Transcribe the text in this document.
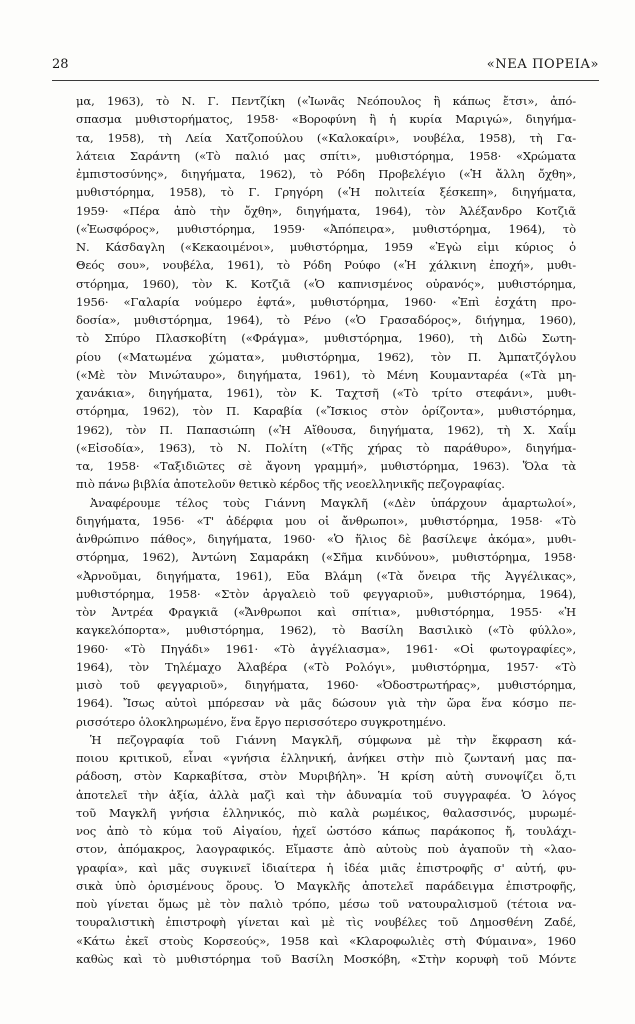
28	«ΝΕΑ ΠΟΡΕΙΑ»
μα, 1963), τὸ Ν. Γ. Πεντζίκη («Ἰωνᾶς Νεόπουλος ἢ κάπως ἔτσι», ἀπό-
σπασμα μυθιστορήματος, 1958· «Βοροφύνη ἢ ἡ κυρία Μαριγώ», διηγήμα-
τα, 1958), τὴ Λεία Χατζοπούλου («Καλοκαίρι», νουβέλα, 1958), τὴ Γα-
λάτεια Σαράντη («Τὸ παλιό μας σπίτι», μυθιστόρημα, 1958· «Χρώματα
ἐμπιστοσύνης», διηγήματα, 1962), τὸ Ρόδη Προβελέγιο («Ἡ ἄλλη ὄχθη»,
μυθιστόρημα, 1958), τὸ Γ. Γρηγόρη («Ἡ πολιτεία ξέσκεπη», διηγήματα,
1959· «Πέρα ἀπὸ τὴν ὄχθη», διηγήματα, 1964), τὸν Ἀλέξανδρο Κοτζιᾶ
(«Ἑωσφόρος», μυθιστόρημα, 1959· «Ἀπόπειρα», μυθιστόρημα, 1964), τὸ
Ν. Κάσδαγλη («Κεκαοιμένοι», μυθιστόρημα, 1959 «Ἐγὼ εἰμι κύριος ὁ
Θεός σου», νουβέλα, 1961), τὸ Ρόδη Ρούφο («Ἡ χάλκινη ἐποχή», μυθι-
στόρημα, 1960), τὸν Κ. Κοτζιᾶ («Ὁ καπνισμένος οὐρανός», μυθιστόρημα,
1956· «Γαλαρία νούμερο ἑφτά», μυθιστόρημα, 1960· «Ἐπὶ ἐσχάτη προ-
δοσία», μυθιστόρημα, 1964), τὸ Ρένο («Ὁ Γρασαδόρος», διήγημα, 1960),
τὸ Σπύρο Πλασκοβίτη («Φράγμα», μυθιστόρημα, 1960), τὴ Διδὼ Σωτη-
ρίου («Ματωμένα χώματα», μυθιστόρημα, 1962), τὸν Π. Ἀμπατζόγλου
(«Μὲ τὸν Μινώταυρο», διηγήματα, 1961), τὸ Μένη Κουμανταρέα («Τὰ μη-
χανάκια», διηγήματα, 1961), τὸν Κ. Ταχτσῆ («Τὸ τρίτο στεφάνι», μυθι-
στόρημα, 1962), τὸν Π. Καραβία («Ἴσκιος στὸν ὁρίζοντα», μυθιστόρημα,
1962), τὸν Π. Παπασιώπη («Ἡ Αἴθουσα, διηγήματα, 1962), τὴ Χ. Χαΐμ
(«Εἰσοδία», 1963), τὸ Ν. Πολίτη («Τῆς χήρας τὸ παράθυρο», διηγήμα-
τα, 1958· «Ταξιδιῶτες σὲ ἄγονη γραμμή», μυθιστόρημα, 1963). Ὅλα τὰ
πιὸ πάνω βιβλία ἀποτελοῦν θετικὸ κέρδος τῆς νεοελληνικῆς πεζογραφίας.
Ἀναφέρουμε τέλος τοὺς Γιάννη Μαγκλῆ («Δὲν ὑπάρχουν ἁμαρτωλοί»,
διηγήματα, 1956· «Τ' ἀδέρφια μου οἱ ἄνθρωποι», μυθιστόρημα, 1958· «Τὸ
ἀνθρώπινο πάθος», διηγήματα, 1960· «Ὁ ἥλιος δὲ βασίλεψε ἀκόμα», μυθι-
στόρημα, 1962), Ἀντώνη Σαμαράκη («Σῆμα κινδύνου», μυθιστόρημα, 1958·
«Ἀρνοῦμαι, διηγήματα, 1961), Εὔα Βλάμη («Τὰ ὄνειρα τῆς Ἀγγέλικας»,
μυθιστόρημα, 1958· «Στὸν ἀργαλειὸ τοῦ φεγγαριοῦ», μυθιστόρημα, 1964),
τὸν Ἀντρέα Φραγκιᾶ («Ἄνθρωποι καὶ σπίτια», μυθιστόρημα, 1955· «Ἡ
καγκελόπορτα», μυθιστόρημα, 1962), τὸ Βασίλη Βασιλικὸ («Τὸ φύλλο»,
1960· «Τὸ Πηγάδι» 1961· «Τὸ ἀγγέλιασμα», 1961· «Οἱ φωτογραφίες»,
1964), τὸν Τηλέμαχο Ἀλαβέρα («Τὸ Ρολόγι», μυθιστόρημα, 1957· «Τὸ
μισὸ τοῦ φεγγαριοῦ», διηγήματα, 1960· «Ὀδοστρωτήρας», μυθιστόρημα,
1964). Ἴσως αὐτοὶ μπόρεσαν νὰ μᾶς δώσουν γιὰ τὴν ὥρα ἕνα κόσμο πε-
ρισσότερο ὁλοκληρωμένο, ἕνα ἔργο περισσότερο συγκροτημένο.
Ἡ πεζογραφία τοῦ Γιάννη Μαγκλῆ, σύμφωνα μὲ τὴν ἔκφραση κά-
ποιου κριτικοῦ, εἶναι «γνήσια ἑλληνική, ἀνήκει στὴν πιὸ ζωντανή μας πα-
ράδοση, στὸν Καρκαβίτσα, στὸν Μυριβήλη». Ἡ κρίση αὐτὴ συνοψίζει ὅ,τι
ἀποτελεῖ τὴν ἀξία, ἀλλὰ μαζὶ καὶ τὴν ἀδυναμία τοῦ συγγραφέα. Ὁ λόγος
τοῦ Μαγκλῆ γνήσια ἑλληνικός, πιὸ καλὰ ρωμέικος, θαλασσινός, μυρωμέ-
νος ἀπὸ τὸ κύμα τοῦ Αἰγαίου, ἠχεῖ ὡστόσο κάπως παράκοπος ἤ, τουλάχι-
στον, ἀπόμακρος, λαογραφικός. Εἴμαστε ἀπὸ αὐτοὺς ποὺ ἀγαποῦν τὴ «λαο-
γραφία», καὶ μᾶς συγκινεῖ ἰδιαίτερα ἡ ἰδέα μιᾶς ἐπιστροφῆς σ' αὐτή, φυ-
σικὰ ὑπὸ ὁρισμένους ὅρους. Ὁ Μαγκλῆς ἀποτελεῖ παράδειγμα ἐπιστροφῆς,
ποὺ γίνεται ὅμως μὲ τὸν παλιὸ τρόπο, μέσω τοῦ νατουραλισμοῦ (τέτοια να-
τουραλιστικὴ ἐπιστροφὴ γίνεται καὶ μὲ τὶς νουβέλες τοῦ Δημοσθένη Ζαδέ,
«Κάτω ἐκεῖ στοὺς Κορσεούς», 1958 καὶ «Κλαροφωλιὲς στὴ Φύμαινα», 1960
καθὼς καὶ τὸ μυθιστόρημα τοῦ Βασίλη Μοσκόβη, «Στὴν κορυφὴ τοῦ Μόντε
